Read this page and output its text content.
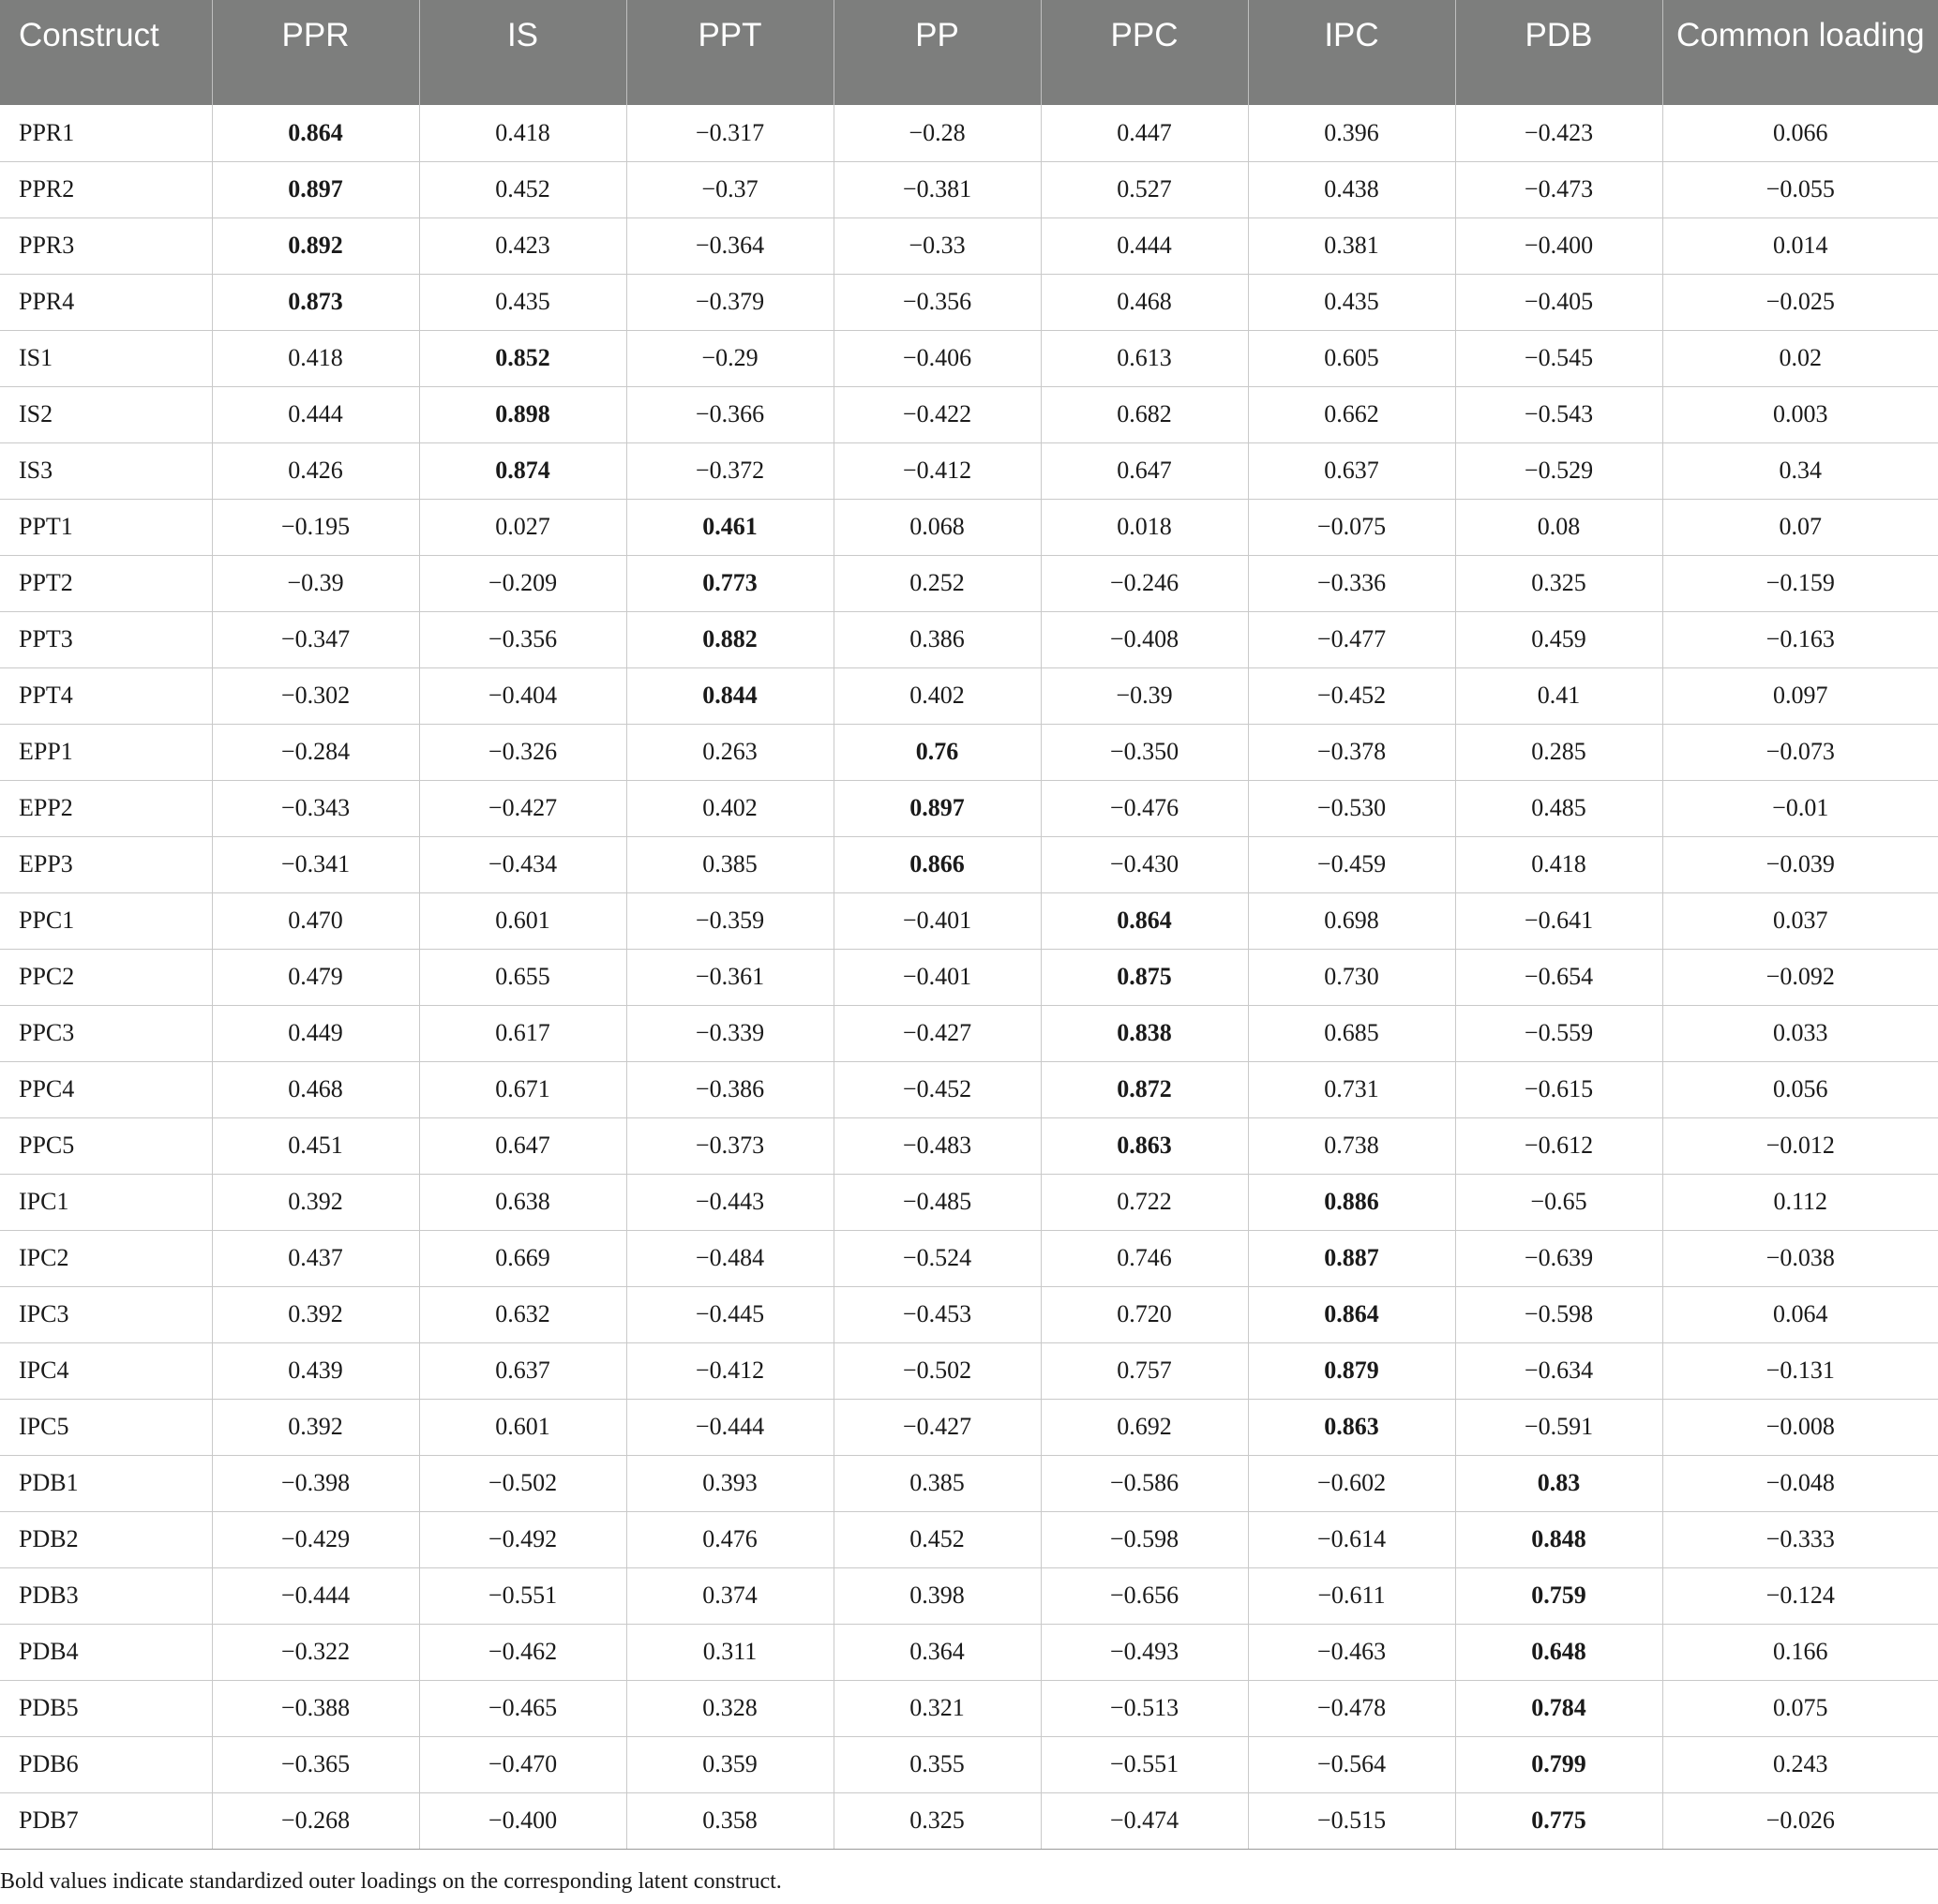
Construct	PPR	IS	PPT	PP	PPC	IPC	PDB	Common loading
PPR1	0.864	0.418	−0.317	−0.28	0.447	0.396	−0.423	0.066
PPR2	0.897	0.452	−0.37	−0.381	0.527	0.438	−0.473	−0.055
PPR3	0.892	0.423	−0.364	−0.33	0.444	0.381	−0.400	0.014
PPR4	0.873	0.435	−0.379	−0.356	0.468	0.435	−0.405	−0.025
IS1	0.418	0.852	−0.29	−0.406	0.613	0.605	−0.545	0.02
IS2	0.444	0.898	−0.366	−0.422	0.682	0.662	−0.543	0.003
IS3	0.426	0.874	−0.372	−0.412	0.647	0.637	−0.529	0.34
PPT1	−0.195	0.027	0.461	0.068	0.018	−0.075	0.08	0.07
PPT2	−0.39	−0.209	0.773	0.252	−0.246	−0.336	0.325	−0.159
PPT3	−0.347	−0.356	0.882	0.386	−0.408	−0.477	0.459	−0.163
PPT4	−0.302	−0.404	0.844	0.402	−0.39	−0.452	0.41	0.097
EPP1	−0.284	−0.326	0.263	0.76	−0.350	−0.378	0.285	−0.073
EPP2	−0.343	−0.427	0.402	0.897	−0.476	−0.530	0.485	−0.01
EPP3	−0.341	−0.434	0.385	0.866	−0.430	−0.459	0.418	−0.039
PPC1	0.470	0.601	−0.359	−0.401	0.864	0.698	−0.641	0.037
PPC2	0.479	0.655	−0.361	−0.401	0.875	0.730	−0.654	−0.092
PPC3	0.449	0.617	−0.339	−0.427	0.838	0.685	−0.559	0.033
PPC4	0.468	0.671	−0.386	−0.452	0.872	0.731	−0.615	0.056
PPC5	0.451	0.647	−0.373	−0.483	0.863	0.738	−0.612	−0.012
IPC1	0.392	0.638	−0.443	−0.485	0.722	0.886	−0.65	0.112
IPC2	0.437	0.669	−0.484	−0.524	0.746	0.887	−0.639	−0.038
IPC3	0.392	0.632	−0.445	−0.453	0.720	0.864	−0.598	0.064
IPC4	0.439	0.637	−0.412	−0.502	0.757	0.879	−0.634	−0.131
IPC5	0.392	0.601	−0.444	−0.427	0.692	0.863	−0.591	−0.008
PDB1	−0.398	−0.502	0.393	0.385	−0.586	−0.602	0.83	−0.048
PDB2	−0.429	−0.492	0.476	0.452	−0.598	−0.614	0.848	−0.333
PDB3	−0.444	−0.551	0.374	0.398	−0.656	−0.611	0.759	−0.124
PDB4	−0.322	−0.462	0.311	0.364	−0.493	−0.463	0.648	0.166
PDB5	−0.388	−0.465	0.328	0.321	−0.513	−0.478	0.784	0.075
PDB6	−0.365	−0.470	0.359	0.355	−0.551	−0.564	0.799	0.243
PDB7	−0.268	−0.400	0.358	0.325	−0.474	−0.515	0.775	−0.026

Bold values indicate standardized outer loadings on the corresponding latent construct.
